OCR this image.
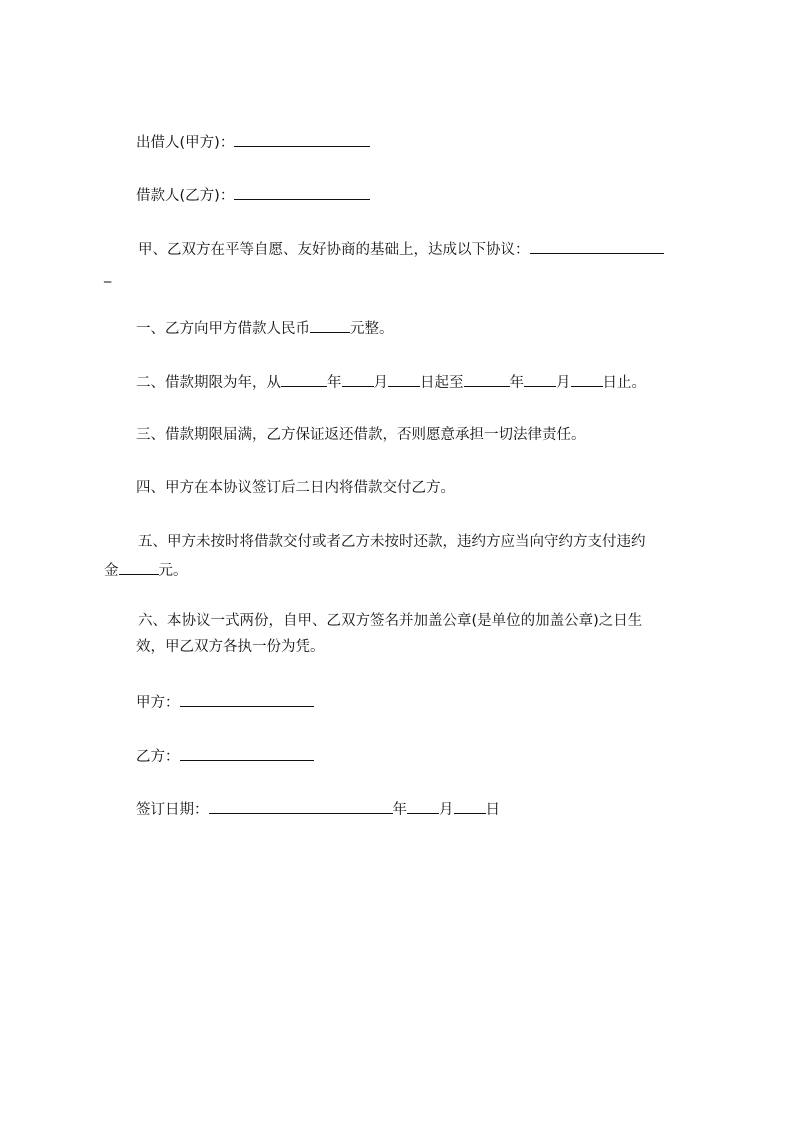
出借人(甲方)：
借款人(乙方)：
甲、乙双方在平等自愿、友好协商的基础上，达成以下协议：
_
一、乙方向甲方借款人民币	元整。
二、借款期限为年，从	年 月 日起至	年 月 日止。
三、借款期限届满，乙方保证返还借款，否则愿意承担一切法律责任。
四、甲方在本协议签订后二日内将借款交付乙方。
五、甲方未按时将借款交付或者乙方未按时还款，违约方应当向守约方支付违约
金	元。
六、本协议一式两份，自甲、乙双方签名并加盖公章(是单位的加盖公章)之日生
效，甲乙双方各执一份为凭。
甲方：
乙方：
签订日期：	年 月 日
